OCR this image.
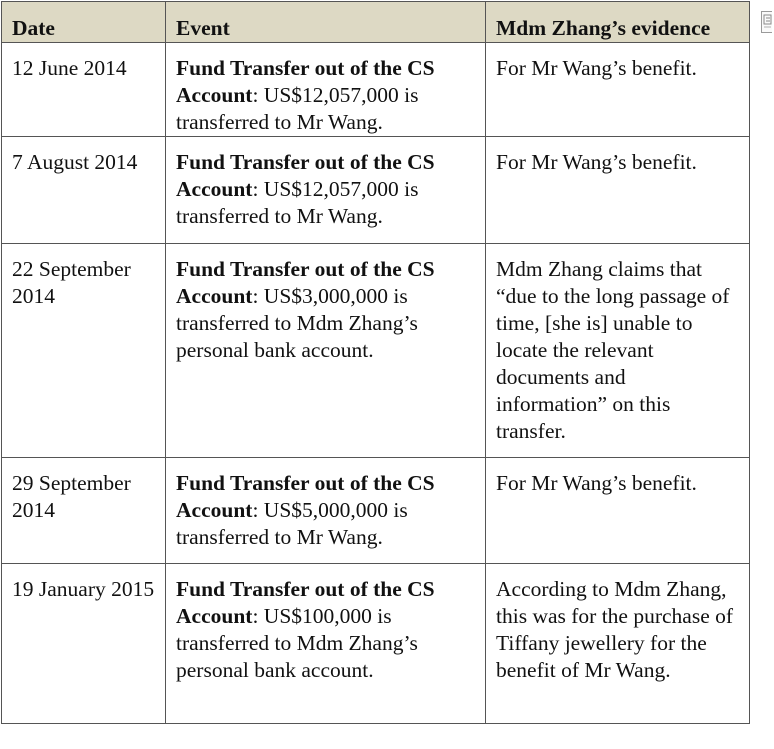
Date	Event	Mdm Zhang’s evidence
12 June 2014	Fund Transfer out of the CS Account: US$12,057,000 is transferred to Mr Wang.	For Mr Wang’s benefit.
7 August 2014	Fund Transfer out of the CS Account: US$12,057,000 is transferred to Mr Wang.	For Mr Wang’s benefit.
22 September 2014	Fund Transfer out of the CS Account: US$3,000,000 is transferred to Mdm Zhang’s personal bank account.	Mdm Zhang claims that “due to the long passage of time, [she is] unable to locate the relevant documents and information” on this transfer.
29 September 2014	Fund Transfer out of the CS Account: US$5,000,000 is transferred to Mr Wang.	For Mr Wang’s benefit.
19 January 2015	Fund Transfer out of the CS Account: US$100,000 is transferred to Mdm Zhang’s personal bank account.	According to Mdm Zhang, this was for the purchase of Tiffany jewellery for the benefit of Mr Wang.
